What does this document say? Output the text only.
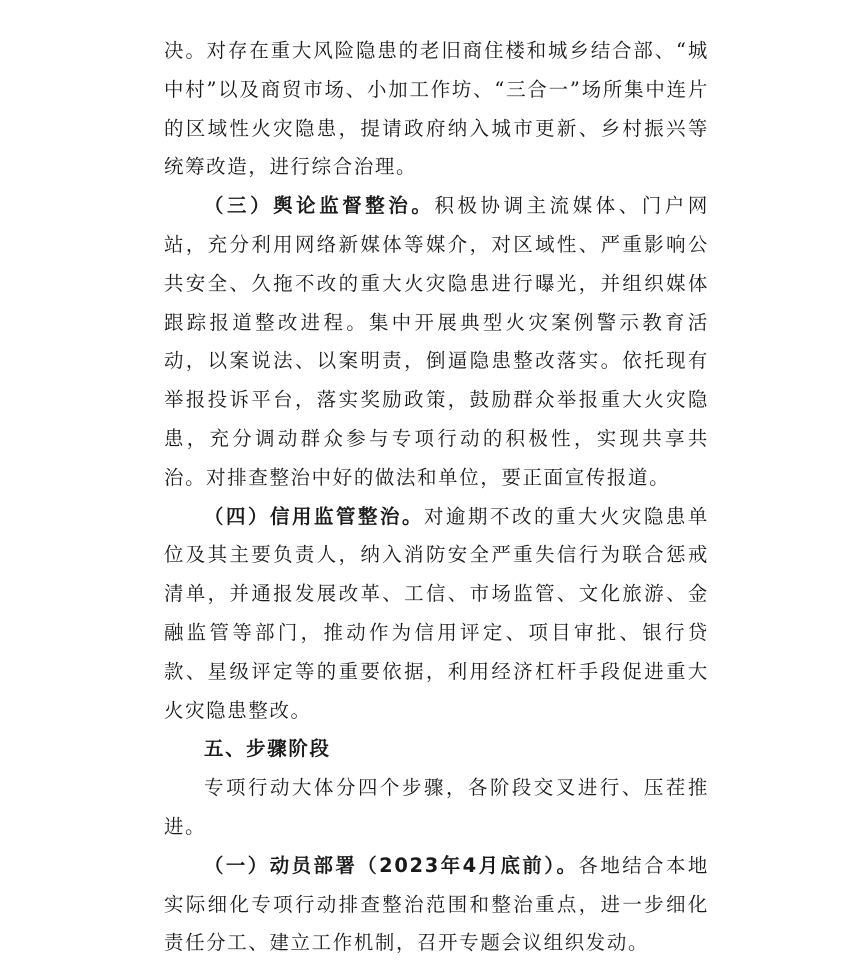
决。对存在重大风险隐患的老旧商住楼和城乡结合部、“城中村”以及商贸市场、小加工作坊、“三合一”场所集中连片的区域性火灾隐患，提请政府纳入城市更新、乡村振兴等统筹改造，进行综合治理。

（三）舆论监督整治。积极协调主流媒体、门户网站，充分利用网络新媒体等媒介，对区域性、严重影响公共安全、久拖不改的重大火灾隐患进行曝光，并组织媒体跟踪报道整改进程。集中开展典型火灾案例警示教育活动，以案说法、以案明责，倒逼隐患整改落实。依托现有举报投诉平台，落实奖励政策，鼓励群众举报重大火灾隐患，充分调动群众参与专项行动的积极性，实现共享共治。对排查整治中好的做法和单位，要正面宣传报道。

（四）信用监管整治。对逾期不改的重大火灾隐患单位及其主要负责人，纳入消防安全严重失信行为联合惩戒清单，并通报发展改革、工信、市场监管、文化旅游、金融监管等部门，推动作为信用评定、项目审批、银行贷款、星级评定等的重要依据，利用经济杠杆手段促进重大火灾隐患整改。

五、步骤阶段

专项行动大体分四个步骤，各阶段交叉进行、压茬推进。

（一）动员部署（2023年4月底前）。各地结合本地实际细化专项行动排查整治范围和整治重点，进一步细化责任分工、建立工作机制，召开专题会议组织发动。
